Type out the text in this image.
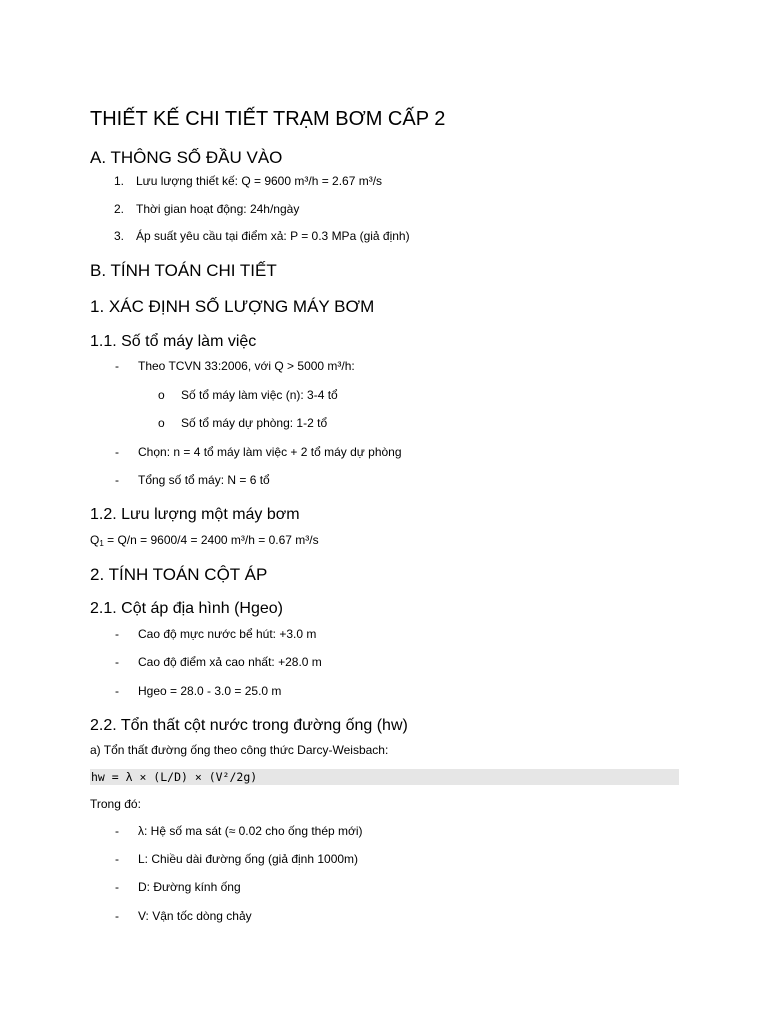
THIẾT KẾ CHI TIẾT TRẠM BƠM CẤP 2
A. THÔNG SỐ ĐẦU VÀO
1. Lưu lượng thiết kế: Q = 9600 m³/h = 2.67 m³/s
2. Thời gian hoạt động: 24h/ngày
3. Áp suất yêu cầu tại điểm xả: P = 0.3 MPa (giả định)
B. TÍNH TOÁN CHI TIẾT
1. XÁC ĐỊNH SỐ LƯỢNG MÁY BƠM
1.1. Số tổ máy làm việc
- Theo TCVN 33:2006, với Q > 5000 m³/h:
o Số tổ máy làm việc (n): 3-4 tổ
o Số tổ máy dự phòng: 1-2 tổ
- Chọn: n = 4 tổ máy làm việc + 2 tổ máy dự phòng
- Tổng số tổ máy: N = 6 tổ
1.2. Lưu lượng một máy bơm
$Q_1 = Q/n = 9600/4 = 2400$ m³/h = 0.67 m³/s
2. TÍNH TOÁN CỘT ÁP
2.1. Cột áp địa hình (Hgeo)
- Cao độ mực nước bể hút: +3.0 m
- Cao độ điểm xả cao nhất: +28.0 m
- Hgeo = 28.0 - 3.0 = 25.0 m
2.2. Tổn thất cột nước trong đường ống (hw)
a) Tổn thất đường ống theo công thức Darcy-Weisbach:
hw = λ × (L/D) × (V²/2g)
Trong đó:
- λ: Hệ số ma sát (≈ 0.02 cho ống thép mới)
- L: Chiều dài đường ống (giả định 1000m)
- D: Đường kính ống
- V: Vận tốc dòng chảy
